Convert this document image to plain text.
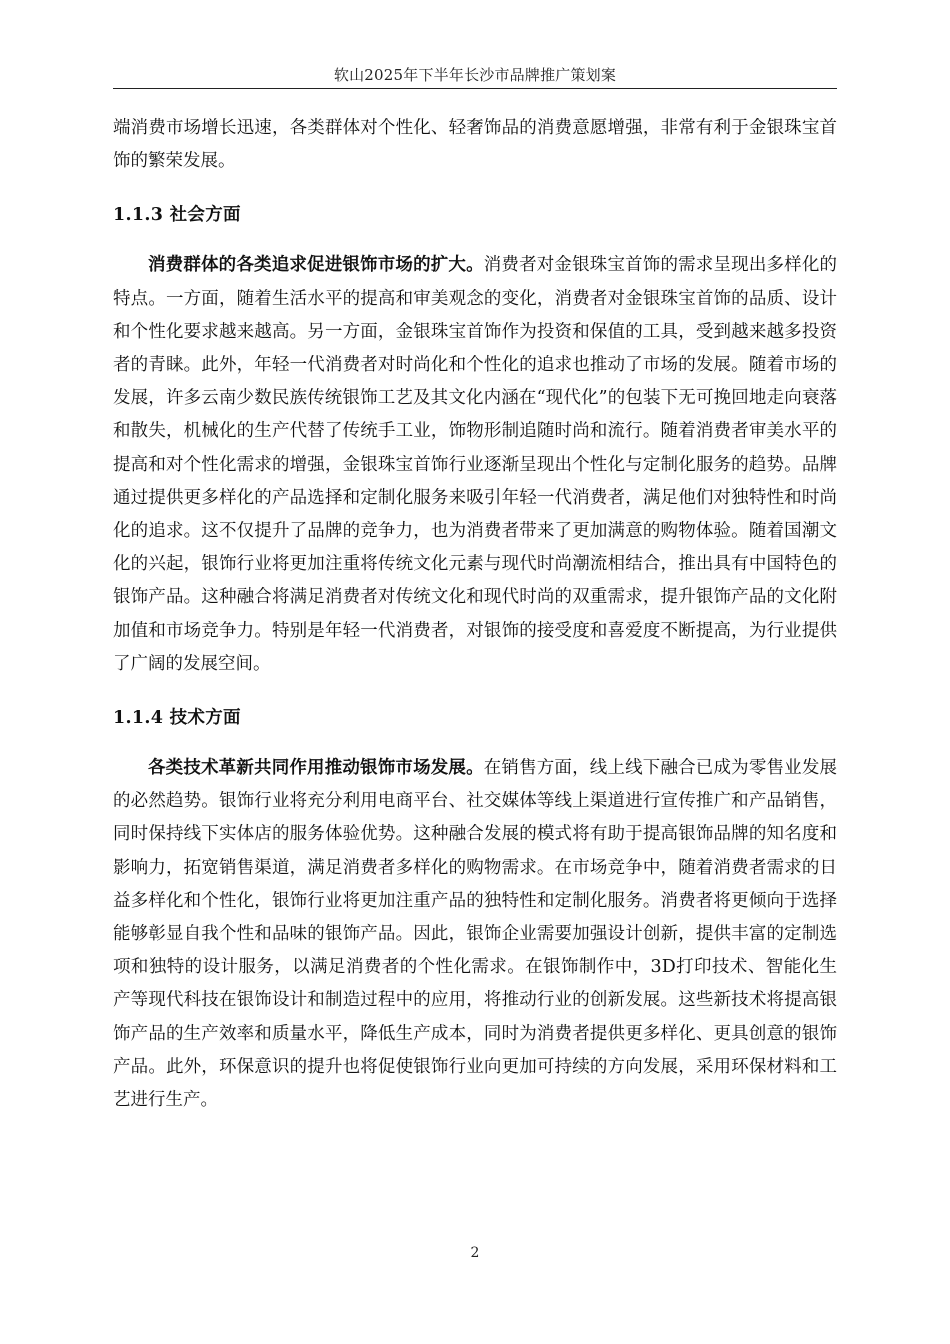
软山2025年下半年长沙市品牌推广策划案

端消费市场增长迅速，各类群体对个性化、轻奢饰品的消费意愿增强，非常有利于金银珠宝首饰的繁荣发展。

1.1.3 社会方面

消费群体的各类追求促进银饰市场的扩大。消费者对金银珠宝首饰的需求呈现出多样化的特点。一方面，随着生活水平的提高和审美观念的变化，消费者对金银珠宝首饰的品质、设计和个性化要求越来越高。另一方面，金银珠宝首饰作为投资和保值的工具，受到越来越多投资者的青睐。此外，年轻一代消费者对时尚化和个性化的追求也推动了市场的发展。随着市场的发展，许多云南少数民族传统银饰工艺及其文化内涵在“现代化”的包装下无可挽回地走向衰落和散失，机械化的生产代替了传统手工业，饰物形制追随时尚和流行。随着消费者审美水平的提高和对个性化需求的增强，金银珠宝首饰行业逐渐呈现出个性化与定制化服务的趋势。品牌通过提供更多样化的产品选择和定制化服务来吸引年轻一代消费者，满足他们对独特性和时尚化的追求。这不仅提升了品牌的竞争力，也为消费者带来了更加满意的购物体验。随着国潮文化的兴起，银饰行业将更加注重将传统文化元素与现代时尚潮流相结合，推出具有中国特色的银饰产品。这种融合将满足消费者对传统文化和现代时尚的双重需求，提升银饰产品的文化附加值和市场竞争力。特别是年轻一代消费者，对银饰的接受度和喜爱度不断提高，为行业提供了广阔的发展空间。

1.1.4 技术方面

各类技术革新共同作用推动银饰市场发展。在销售方面，线上线下融合已成为零售业发展的必然趋势。银饰行业将充分利用电商平台、社交媒体等线上渠道进行宣传推广和产品销售，同时保持线下实体店的服务体验优势。这种融合发展的模式将有助于提高银饰品牌的知名度和影响力，拓宽销售渠道，满足消费者多样化的购物需求。在市场竞争中，随着消费者需求的日益多样化和个性化，银饰行业将更加注重产品的独特性和定制化服务。消费者将更倾向于选择能够彰显自我个性和品味的银饰产品。因此，银饰企业需要加强设计创新，提供丰富的定制选项和独特的设计服务，以满足消费者的个性化需求。在银饰制作中，3D打印技术、智能化生产等现代科技在银饰设计和制造过程中的应用，将推动行业的创新发展。这些新技术将提高银饰产品的生产效率和质量水平，降低生产成本，同时为消费者提供更多样化、更具创意的银饰产品。此外，环保意识的提升也将促使银饰行业向更加可持续的方向发展，采用环保材料和工艺进行生产。

2
